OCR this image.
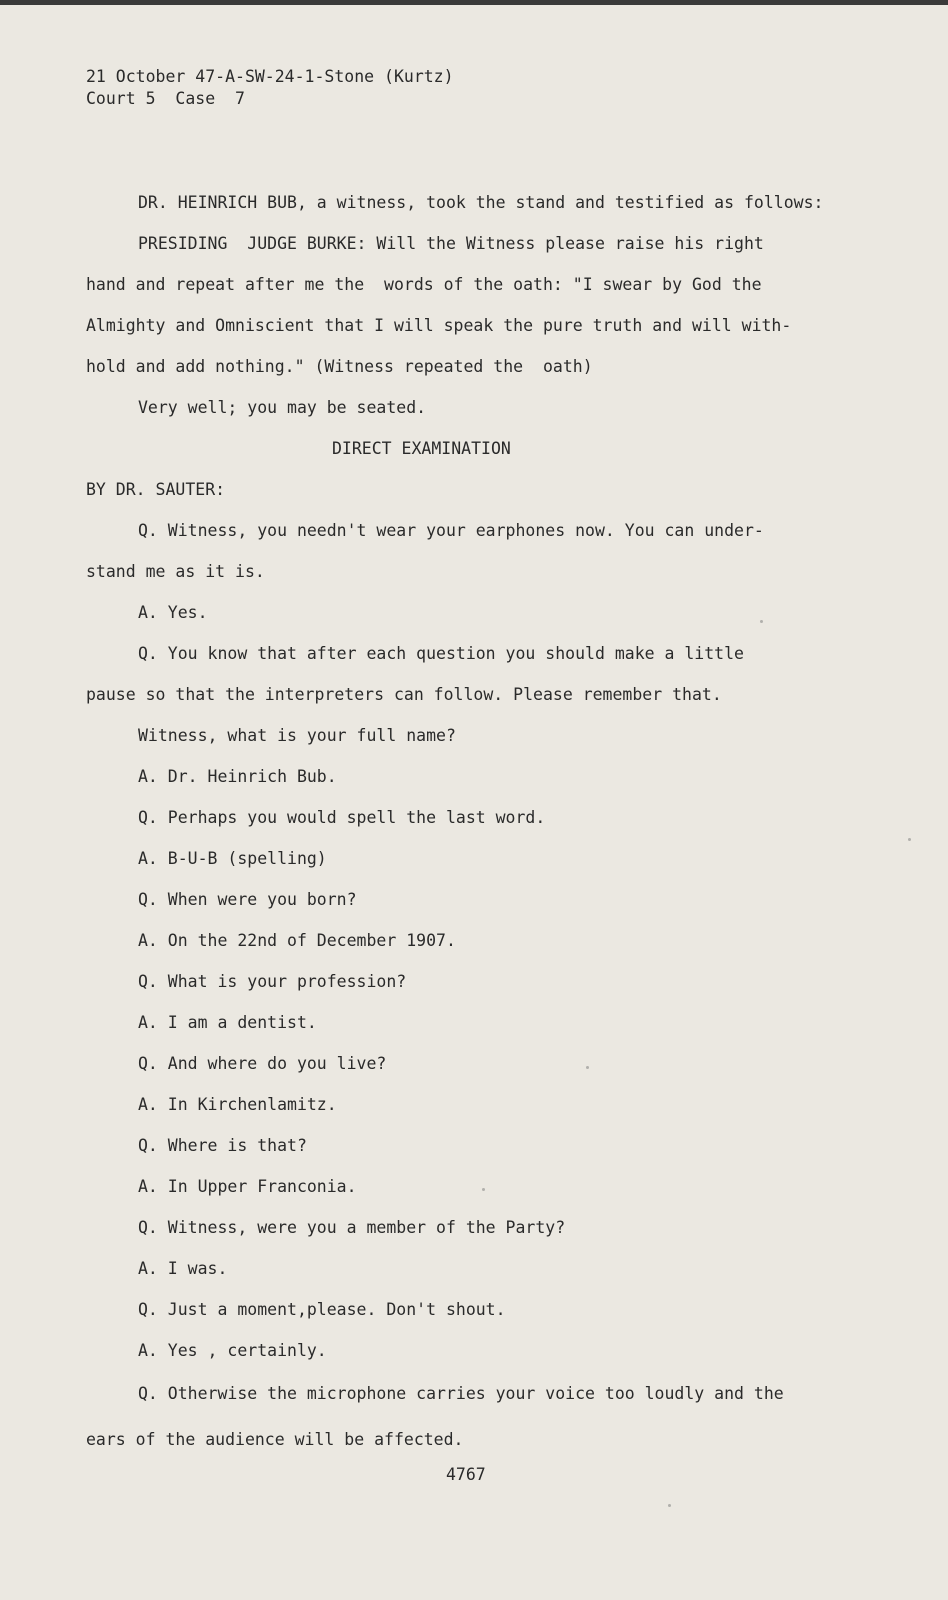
21 October 47-A-SW-24-1-Stone (Kurtz)
Court 5  Case  7
DR. HEINRICH BUB, a witness, took the stand and testified as follows:
PRESIDING  JUDGE BURKE: Will the Witness please raise his right
hand and repeat after me the  words of the oath: "I swear by God the
Almighty and Omniscient that I will speak the pure truth and will with-
hold and add nothing." (Witness repeated the  oath)
Very well; you may be seated.
DIRECT EXAMINATION
BY DR. SAUTER:
Q. Witness, you needn't wear your earphones now. You can under-
stand me as it is.
A. Yes.
Q. You know that after each question you should make a little
pause so that the interpreters can follow. Please remember that.
Witness, what is your full name?
A. Dr. Heinrich Bub.
Q. Perhaps you would spell the last word.
A. B-U-B (spelling)
Q. When were you born?
A. On the 22nd of December 1907.
Q. What is your profession?
A. I am a dentist.
Q. And where do you live?
A. In Kirchenlamitz.
Q. Where is that?
A. In Upper Franconia.
Q. Witness, were you a member of the Party?
A. I was.
Q. Just a moment,please. Don't shout.
A. Yes , certainly.
Q. Otherwise the microphone carries your voice too loudly and the
ears of the audience will be affected.
4767
